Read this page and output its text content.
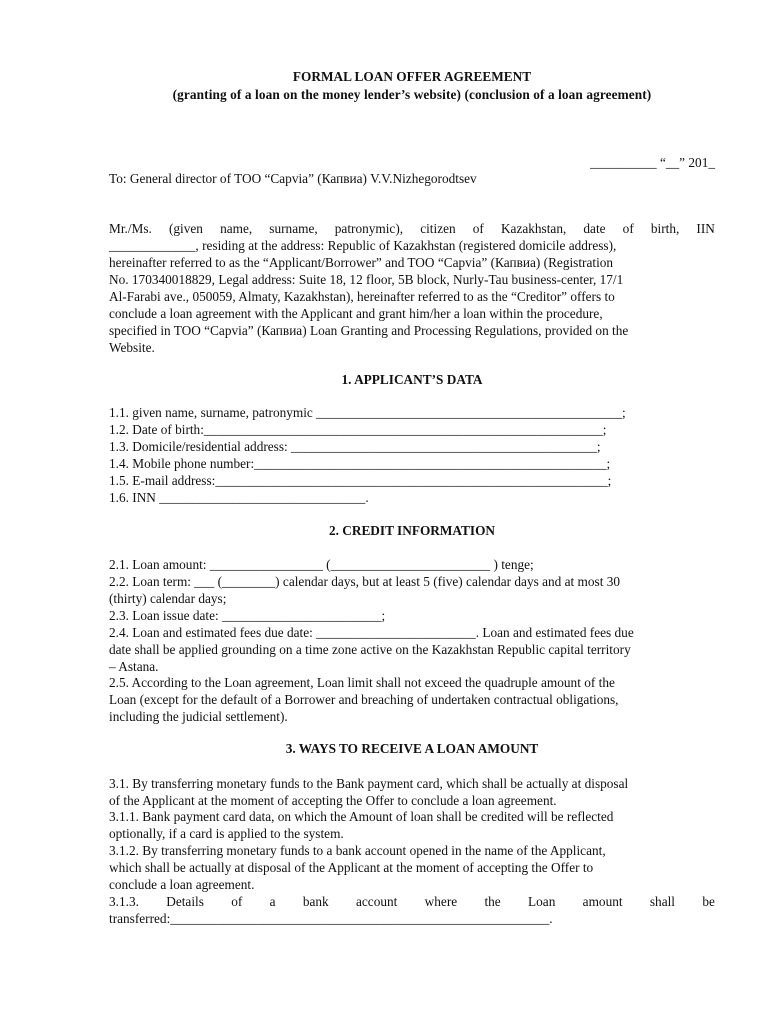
FORMAL LOAN OFFER AGREEMENT

(granting of a loan on the money lender’s website) (conclusion of a loan agreement)

__________ “__” 201_

To: General director of TOO “Capvia” (Капвиа) V.V.Nizhegorodtsev

Mr./Ms. (given name, surname, patronymic), citizen of Kazakhstan, date of birth, IIN

_____________, residing at the address: Republic of Kazakhstan (registered domicile address),

hereinafter referred to as the “Applicant/Borrower” and TOO “Capvia” (Капвиа) (Registration

No. 170340018829, Legal address: Suite 18, 12 floor, 5B block, Nurly-Tau business-center, 17/1

Al-Farabi ave., 050059, Almaty, Kazakhstan), hereinafter referred to as the “Creditor” offers to

conclude a loan agreement with the Applicant and grant him/her a loan within the procedure,

specified in TOO “Capvia” (Капвиа) Loan Granting and Processing Regulations, provided on the

Website.

1. APPLICANT’S DATA

1.1. given name, surname, patronymic ______________________________________________;

1.2. Date of birth:____________________________________________________________;

1.3. Domicile/residential address: ______________________________________________;

1.4. Mobile phone number:_____________________________________________________;

1.5. E-mail address:___________________________________________________________;

1.6. INN _______________________________.

2. CREDIT INFORMATION

2.1. Loan amount: _________________ (________________________ ) tenge;

2.2. Loan term: ___ (________) calendar days, but at least 5 (five) calendar days and at most 30

(thirty) calendar days;

2.3. Loan issue date: ________________________;

2.4. Loan and estimated fees due date: ________________________. Loan and estimated fees due

date shall be applied grounding on a time zone active on the Kazakhstan Republic capital territory

– Astana.

2.5. According to the Loan agreement, Loan limit shall not exceed the quadruple amount of the

Loan (except for the default of a Borrower and breaching of undertaken contractual obligations,

including the judicial settlement).

3. WAYS TO RECEIVE A LOAN AMOUNT

3.1. By transferring monetary funds to the Bank payment card, which shall be actually at disposal

of the Applicant at the moment of accepting the Offer to conclude a loan agreement.

3.1.1. Bank payment card data, on which the Amount of loan shall be credited will be reflected

optionally, if a card is applied to the system.

3.1.2. By transferring monetary funds to a bank account opened in the name of the Applicant,

which shall be actually at disposal of the Applicant at the moment of accepting the Offer to

conclude a loan agreement.

3.1.3. Details of a bank account where the Loan amount shall be

transferred:_________________________________________________________.
